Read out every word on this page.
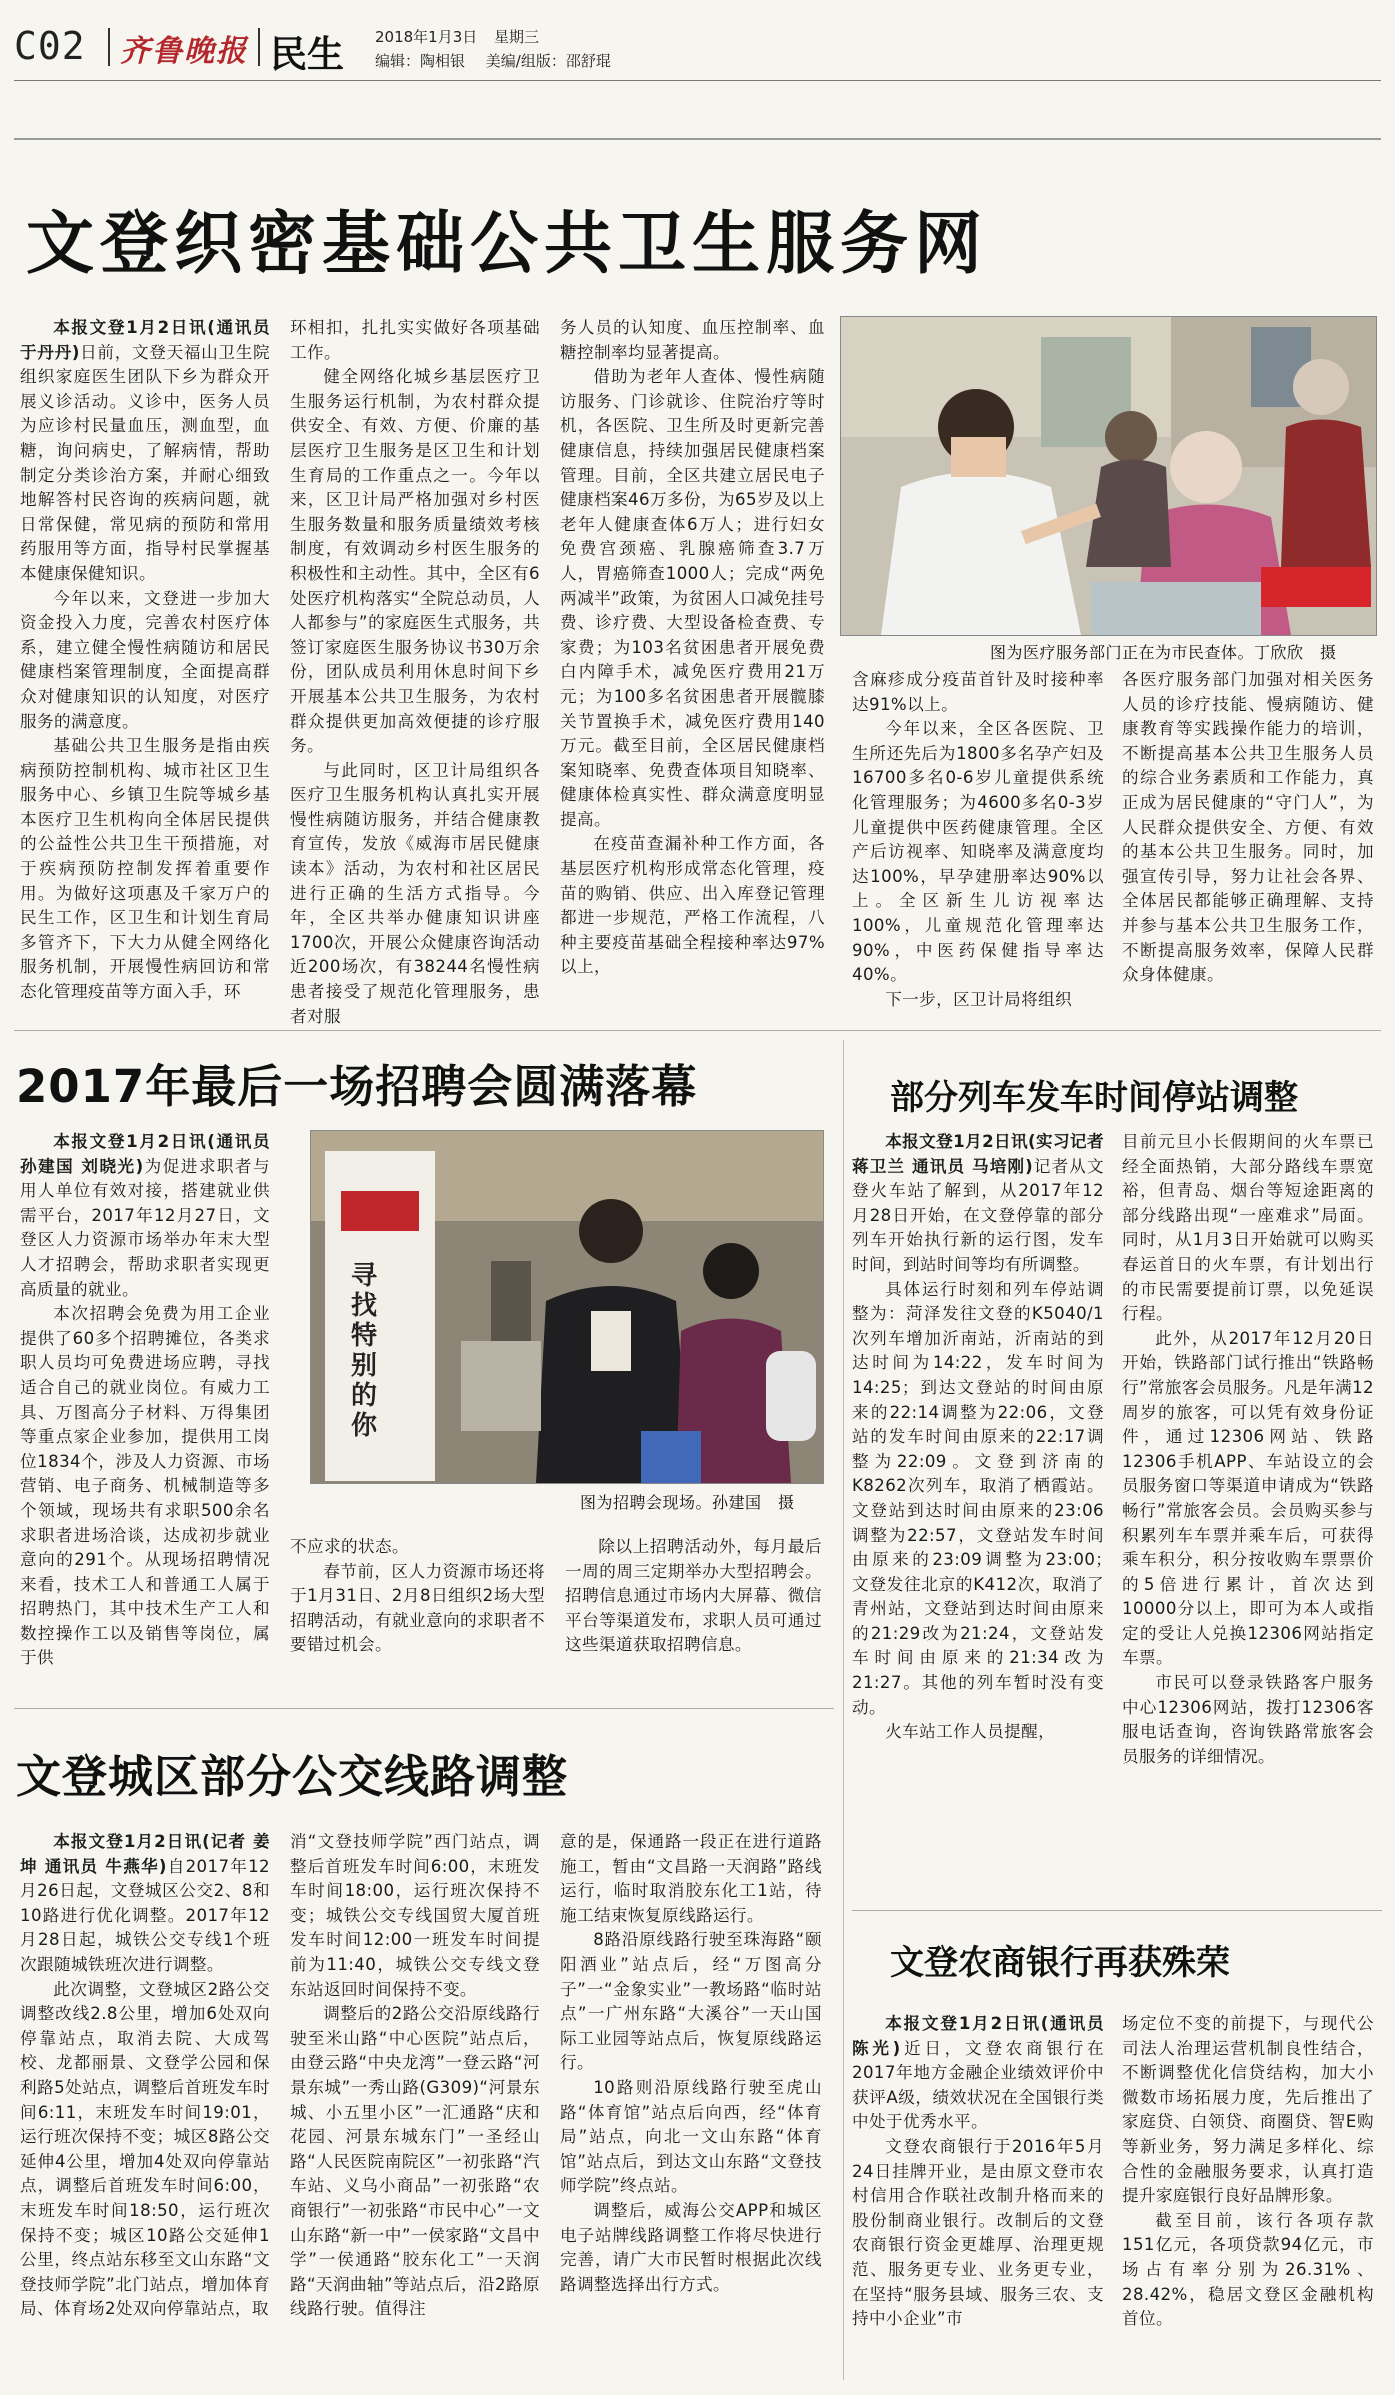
C02 齐鲁晚报 民生 2018年1月3日 星期三
编辑：陶相银 美编/组版：邵舒琨
文登织密基础公共卫生服务网

本报文登1月2日讯(通讯员 于丹丹)日前，文登天福山卫生院组织家庭医生团队下乡为群众开展义诊活动。义诊中，医务人员为应诊村民量血压，测血型，血糖，询问病史，了解病情，帮助制定分类诊治方案，并耐心细致地解答村民咨询的疾病问题，就日常保健，常见病的预防和常用药服用等方面，指导村民掌握基本健康保健知识。

今年以来，文登进一步加大资金投入力度，完善农村医疗体系，建立健全慢性病随访和居民健康档案管理制度，全面提高群众对健康知识的认知度，对医疗服务的满意度。

基础公共卫生服务是指由疾病预防控制机构、城市社区卫生服务中心、乡镇卫生院等城乡基本医疗卫生机构向全体居民提供的公益性公共卫生干预措施，对于疾病预防控制发挥着重要作用。为做好这项惠及千家万户的民生工作，区卫生和计划生育局多管齐下，下大力从健全网络化服务机制，开展慢性病回访和常态化管理疫苗等方面入手，环

环相扣，扎扎实实做好各项基础工作。

健全网络化城乡基层医疗卫生服务运行机制，为农村群众提供安全、有效、方便、价廉的基层医疗卫生服务是区卫生和计划生育局的工作重点之一。今年以来，区卫计局严格加强对乡村医生服务数量和服务质量绩效考核制度，有效调动乡村医生服务的积极性和主动性。其中，全区有6处医疗机构落实“全院总动员，人人都参与”的家庭医生式服务，共签订家庭医生服务协议书30万余份，团队成员利用休息时间下乡开展基本公共卫生服务，为农村群众提供更加高效便捷的诊疗服务。

与此同时，区卫计局组织各医疗卫生服务机构认真扎实开展慢性病随访服务，并结合健康教育宣传，发放《威海市居民健康读本》活动，为农村和社区居民进行正确的生活方式指导。今年，全区共举办健康知识讲座1700次，开展公众健康咨询活动近200场次，有38244名慢性病患者接受了规范化管理服务，患者对服

务人员的认知度、血压控制率、血糖控制率均显著提高。

借助为老年人查体、慢性病随访服务、门诊就诊、住院治疗等时机，各医院、卫生所及时更新完善健康信息，持续加强居民健康档案管理。目前，全区共建立居民电子健康档案46万多份，为65岁及以上老年人健康查体6万人；进行妇女免费宫颈癌、乳腺癌筛查3.7万人，胃癌筛查1000人；完成“两免两减半”政策，为贫困人口减免挂号费、诊疗费、大型设备检查费、专家费；为103名贫困患者开展免费白内障手术，减免医疗费用21万元；为100多名贫困患者开展髋膝关节置换手术，减免医疗费用140万元。截至目前，全区居民健康档案知晓率、免费查体项目知晓率、健康体检真实性、群众满意度明显提高。

在疫苗查漏补种工作方面，各基层医疗机构形成常态化管理，疫苗的购销、供应、出入库登记管理都进一步规范，严格工作流程，八种主要疫苗基础全程接种率达97%以上，

图为医疗服务部门正在为市民查体。丁欣欣　摄

含麻疹成分疫苗首针及时接种率达91%以上。

今年以来，全区各医院、卫生所还先后为1800多名孕产妇及16700多名0-6岁儿童提供系统化管理服务；为4600多名0-3岁儿童提供中医药健康管理。全区产后访视率、知晓率及满意度均达100%，早孕建册率达90%以上。全区新生儿访视率达100%，儿童规范化管理率达90%，中医药保健指导率达40%。

下一步，区卫计局将组织

各医疗服务部门加强对相关医务人员的诊疗技能、慢病随访、健康教育等实践操作能力的培训，不断提高基本公共卫生服务人员的综合业务素质和工作能力，真正成为居民健康的“守门人”，为人民群众提供安全、方便、有效的基本公共卫生服务。同时，加强宣传引导，努力让社会各界、全体居民都能够正确理解、支持并参与基本公共卫生服务工作，不断提高服务效率，保障人民群众身体健康。

2017年最后一场招聘会圆满落幕

本报文登1月2日讯(通讯员 孙建国 刘晓光)为促进求职者与用人单位有效对接，搭建就业供需平台，2017年12月27日，文登区人力资源市场举办年末大型人才招聘会，帮助求职者实现更高质量的就业。

本次招聘会免费为用工企业提供了60多个招聘摊位，各类求职人员均可免费进场应聘，寻找适合自己的就业岗位。有威力工具、万图高分子材料、万得集团等重点家企业参加，提供用工岗位1834个，涉及人力资源、市场营销、电子商务、机械制造等多个领域，现场共有求职500余名求职者进场洽谈，达成初步就业意向的291个。从现场招聘情况来看，技术工人和普通工人属于招聘热门，其中技术生产工人和数控操作工以及销售等岗位，属于供

寻找特别的你
图为招聘会现场。孙建国　摄

不应求的状态。

春节前，区人力资源市场还将于1月31日、2月8日组织2场大型招聘活动，有就业意向的求职者不要错过机会。

除以上招聘活动外，每月最后一周的周三定期举办大型招聘会。招聘信息通过市场内大屏幕、微信平台等渠道发布，求职人员可通过这些渠道获取招聘信息。

部分列车发车时间停站调整

本报文登1月2日讯(实习记者 蒋卫兰 通讯员 马培刚)记者从文登火车站了解到，从2017年12月28日开始，在文登停靠的部分列车开始执行新的运行图，发车时间，到站时间等均有所调整。

具体运行时刻和列车停站调整为：菏泽发往文登的K5040/1次列车增加沂南站，沂南站的到达时间为14:22，发车时间为14:25；到达文登站的时间由原来的22:14调整为22:06，文登站的发车时间由原来的22:17调整为22:09。文登到济南的K8262次列车，取消了栖霞站。文登站到达时间由原来的23:06调整为22:57，文登站发车时间由原来的23:09调整为23:00；　文登发往北京的K412次，取消了青州站，文登站到达时间由原来的21:29改为21:24，文登站发车时间由原来的21:34改为21:27。其他的列车暂时没有变动。

火车站工作人员提醒，

目前元旦小长假期间的火车票已经全面热销，大部分路线车票宽裕，但青岛、烟台等短途距离的部分线路出现“一座难求”局面。同时，从1月3日开始就可以购买春运首日的火车票，有计划出行的市民需要提前订票，以免延误行程。

此外，从2017年12月20日开始，铁路部门试行推出“铁路畅行”常旅客会员服务。凡是年满12周岁的旅客，可以凭有效身份证件，通过12306网站、铁路12306手机APP、车站设立的会员服务窗口等渠道申请成为“铁路畅行”常旅客会员。会员购买参与积累列车车票并乘车后，可获得乘车积分，积分按收购车票票价的5倍进行累计，首次达到10000分以上，即可为本人或指定的受让人兑换12306网站指定车票。

市民可以登录铁路客户服务中心12306网站，拨打12306客服电话查询，咨询铁路常旅客会员服务的详细情况。

文登城区部分公交线路调整

本报文登1月2日讯(记者 姜坤 通讯员 牛燕华)自2017年12月26日起，文登城区公交2、8和10路进行优化调整。2017年12月28日起，城铁公交专线1个班次跟随城铁班次进行调整。

此次调整，文登城区2路公交调整改线2.8公里，增加6处双向停靠站点，取消去院、大成驾校、龙都丽景、文登学公园和保利路5处站点，调整后首班发车时间6:11，末班发车时间19:01，运行班次保持不变；城区8路公交延伸4公里，增加4处双向停靠站点，调整后首班发车时间6:00，末班发车时间18:50，运行班次保持不变；城区10路公交延伸1公里，终点站东移至文山东路“文登技师学院”北门站点，增加体育局、体育场2处双向停靠站点，取

消“文登技师学院”西门站点，调整后首班发车时间6:00，末班发车时间18:00，运行班次保持不变；城铁公交专线国贸大厦首班发车时间12:00一班发车时间提前为11:40，城铁公交专线文登东站返回时间保持不变。

调整后的2路公交沿原线路行驶至米山路“中心医院”站点后，由登云路“中央龙湾”一登云路“河景东城”一秀山路(G309)“河景东城、小五里小区”一汇通路“庆和花园、河景东城东门”一圣经山路“人民医院南院区”一初张路“汽车站、义乌小商品”一初张路“农商银行”一初张路“市民中心”一文山东路“新一中”一侯家路“文昌中学”一侯通路“胶东化工”一天润路“天润曲轴”等站点后，沿2路原线路行驶。值得注

意的是，保通路一段正在进行道路施工，暂由“文昌路一天润路”路线运行，临时取消胶东化工1站，待施工结束恢复原线路运行。

8路沿原线路行驶至珠海路“颐阳酒业”站点后，经“万图高分子”一“金象实业”一教场路“临时站点”一广州东路“大溪谷”一天山国际工业园等站点后，恢复原线路运行。

10路则沿原线路行驶至虎山路“体育馆”站点后向西，经“体育局”站点，向北一文山东路“体育馆”站点后，到达文山东路“文登技师学院”终点站。

调整后，威海公交APP和城区电子站牌线路调整工作将尽快进行完善，请广大市民暂时根据此次线路调整选择出行方式。

文登农商银行再获殊荣

本报文登1月2日讯(通讯员 陈光)近日，文登农商银行在2017年地方金融企业绩效评价中获评A级，绩效状况在全国银行类中处于优秀水平。

文登农商银行于2016年5月24日挂牌开业，是由原文登市农村信用合作联社改制升格而来的股份制商业银行。改制后的文登农商银行资金更雄厚、治理更规范、服务更专业、业务更专业，在坚持“服务县域、服务三农、支持中小企业”市

场定位不变的前提下，与现代公司法人治理运营机制良性结合，不断调整优化信贷结构，加大小微数市场拓展力度，先后推出了家庭贷、白领贷、商圈贷、智E购等新业务，努力满足多样化、综合性的金融服务要求，认真打造提升家庭银行良好品牌形象。

截至目前，该行各项存款151亿元，各项贷款94亿元，市场占有率分别为26.31%、28.42%，稳居文登区金融机构首位。
